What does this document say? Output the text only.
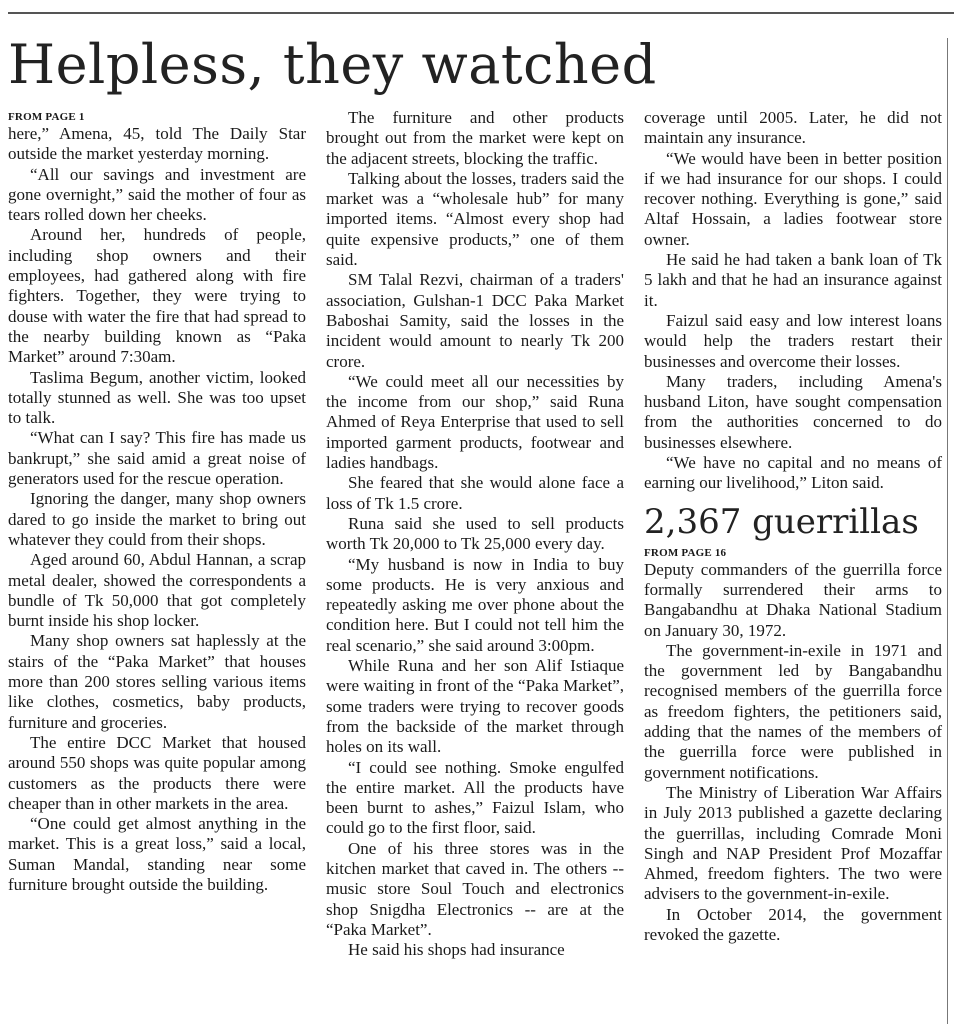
Helpless, they watched
FROM PAGE 1

here,” Amena, 45, told The Daily Star outside the market yesterday morning.

“All our savings and investment are gone overnight,” said the mother of four as tears rolled down her cheeks.

Around her, hundreds of people, including shop owners and their employees, had gathered along with fire fighters. Together, they were trying to douse with water the fire that had spread to the nearby building known as “Paka Market” around 7:30am.

Taslima Begum, another victim, looked totally stunned as well. She was too upset to talk.

“What can I say? This fire has made us bankrupt,” she said amid a great noise of generators used for the rescue operation.

Ignoring the danger, many shop owners dared to go inside the market to bring out whatever they could from their shops.

Aged around 60, Abdul Hannan, a scrap metal dealer, showed the correspondents a bundle of Tk 50,000 that got completely burnt inside his shop locker.

Many shop owners sat haplessly at the stairs of the “Paka Market” that houses more than 200 stores selling various items like clothes, cosmetics, baby products, furniture and groceries.

The entire DCC Market that housed around 550 shops was quite popular among customers as the products there were cheaper than in other markets in the area.

“One could get almost anything in the market. This is a great loss,” said a local, Suman Mandal, standing near some furniture brought outside the building.

The furniture and other products brought out from the market were kept on the adjacent streets, blocking the traffic.

Talking about the losses, traders said the market was a “wholesale hub” for many imported items. “Almost every shop had quite expensive products,” one of them said.

SM Talal Rezvi, chairman of a traders' association, Gulshan-1 DCC Paka Market Baboshai Samity, said the losses in the incident would amount to nearly Tk 200 crore.

“We could meet all our necessities by the income from our shop,” said Runa Ahmed of Reya Enterprise that used to sell imported garment products, footwear and ladies handbags.

She feared that she would alone face a loss of Tk 1.5 crore.

Runa said she used to sell products worth Tk 20,000 to Tk 25,000 every day.

“My husband is now in India to buy some products. He is very anxious and repeatedly asking me over phone about the condition here. But I could not tell him the real scenario,” she said around 3:00pm.

While Runa and her son Alif Istiaque were waiting in front of the “Paka Market”, some traders were trying to recover goods from the backside of the market through holes on its wall.

“I could see nothing. Smoke engulfed the entire market. All the products have been burnt to ashes,” Faizul Islam, who could go to the first floor, said.

One of his three stores was in the kitchen market that caved in. The others -- music store Soul Touch and electronics shop Snigdha Electronics -- are at the “Paka Market”.

He said his shops had insurance

coverage until 2005. Later, he did not maintain any insurance.

“We would have been in better position if we had insurance for our shops. I could recover nothing. Everything is gone,” said Altaf Hossain, a ladies footwear store owner.

He said he had taken a bank loan of Tk 5 lakh and that he had an insurance against it.

Faizul said easy and low interest loans would help the traders restart their businesses and overcome their losses.

Many traders, including Amena's husband Liton, have sought compensation from the authorities concerned to do businesses elsewhere.

“We have no capital and no means of earning our livelihood,” Liton said.

2,367 guerrillas
FROM PAGE 16

Deputy commanders of the guerrilla force formally surrendered their arms to Bangabandhu at Dhaka National Stadium on January 30, 1972.

The government-in-exile in 1971 and the government led by Bangabandhu recognised members of the guerrilla force as freedom fighters, the petitioners said, adding that the names of the members of the guerrilla force were published in government notifications.

The Ministry of Liberation War Affairs in July 2013 published a gazette declaring the guerrillas, including Comrade Moni Singh and NAP President Prof Mozaffar Ahmed, freedom fighters. The two were advisers to the government-in-exile.

In October 2014, the government revoked the gazette.
